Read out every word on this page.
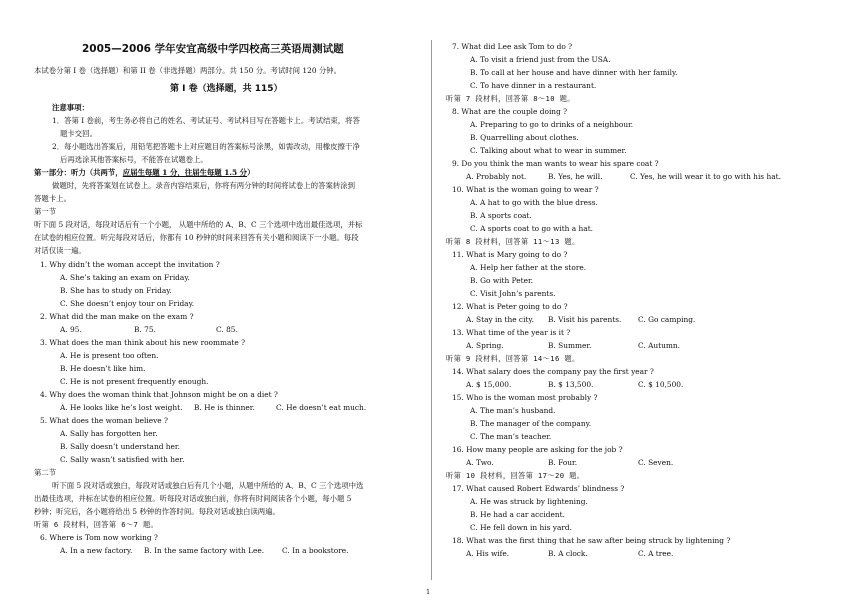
2005—2006 学年安宜高级中学四校高三英语周测试题
本试卷分第 I 卷（选择题）和第 II 卷（非选择题）两部分。共 150 分。考试时间 120 分钟。
第 I 卷（选择题，共 115）
注意事项：
1．答第 I 卷前，考生务必将自己的姓名、考试证号、考试科目写在答题卡上。考试结束，将答
题卡交回。
2．每小题选出答案后，用铅笔把答题卡上对应题目的答案标号涂黑，如需改动，用橡皮擦干净
后再选涂其他答案标号，不能答在试题卷上。
第一部分：听力（共两节，应届生每题 1 分，往届生每题 1.5 分）
做题时，先将答案划在试卷上。录音内容结束后，你将有两分钟的时间将试卷上的答案转涂到
答题卡上。
第一节
听下面 5 段对话，每段对话后有一个小题， 从题中所给的 A、B、C 三个选项中选出最佳选项，并标
在试卷的相应位置。听完每段对话后，你都有 10 秒钟的时间来回答有关小题和阅读下一小题。每段
对话仅读一遍。
1. Why didn’t the woman accept the invitation ?
A. She’s taking an exam on Friday.
B. She has to study on Friday.
C. She doesn’t enjoy tour on Friday.
2. What did the man make on the exam ?
A. 95.	B. 75.	C. 85.
3. What does the man think about his new roommate ?
A. He is present too often.
B. He doesn’t like him.
C. He is not present frequently enough.
4. Why does the woman think that Johnson might be on a diet ?
A. He looks like he’s lost weight. B. He is thinner.	C. He doesn’t eat much.
5. What does the woman believe ?
A. Sally has forgotten her.
B. Sally doesn’t understand her.
C. Sally wasn’t satisfied with her.
第二节
听下面 5 段对话或独白，每段对话或独白后有几个小题，从题中所给的 A、B、C 三个选项中选
出最佳选项，并标在试卷的相应位置。听每段对话或独白前，你将有时间阅读各个小题，每小题 5
秒钟；听完后，各小题将给出 5 秒钟的作答时间。每段对话或独白读两遍。
听第 6 段材料，回答第 6～7 题。
6. Where is Tom now working ?
A. In a new factory. B. In the same factory with Lee. C. In a bookstore.
7. What did Lee ask Tom to do ?
A. To visit a friend just from the USA.
B. To call at her house and have dinner with her family.
C. To have dinner in a restaurant.
听第 7 段材料，回答第 8～10 题。
8. What are the couple doing ?
A. Preparing to go to drinks of a neighbour.
B. Quarrelling about clothes.
C. Talking about what to wear in summer.
9. Do you think the man wants to wear his spare coat ?
A. Probably not.	B. Yes, he will.	C. Yes, he will wear it to go with his hat.
10. What is the woman going to wear ?
A. A hat to go with the blue dress.
B. A sports coat.
C. A sports coat to go with a hat.
听第 8 段材料，回答第 11～13 题。
11. What is Mary going to do ?
A. Help her father at the store.
B. Go with Peter.
C. Visit John’s parents.
12. What is Peter going to do ?
A. Stay in the city. B. Visit his parents. C. Go camping.
13. What time of the year is it ?
A. Spring.	B. Summer.	C. Autumn.
听第 9 段材料，回答第 14～16 题。
14. What salary does the company pay the first year ?
A. $ 15,000.	B. $ 13,500.	C. $ 10,500.
15. Who is the woman most probably ?
A. The man’s husband.
B. The manager of the company.
C. The man’s teacher.
16. How many people are asking for the job ?
A. Two.	B. Four.	C. Seven.
听第 10 段材料，回答第 17～20 题。
17. What caused Robert Edwards’ blindness ?
A. He was struck by lightening.
B. He had a car accident.
C. He fell down in his yard.
18. What was the first thing that he saw after being struck by lightening ?
A. His wife.	B. A clock.	C. A tree.
1
